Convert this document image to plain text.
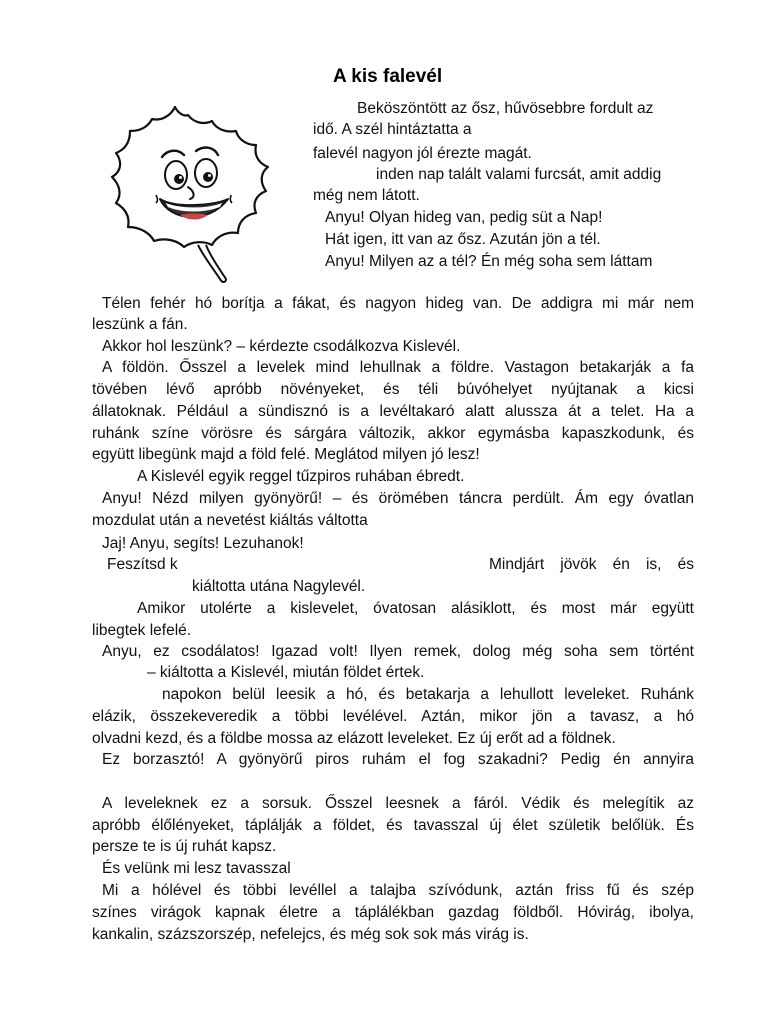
A kis falevél
Beköszöntött az ősz, hűvösebbre fordult az
idő. A szél hintáztatta a
falevél nagyon jól érezte magát.
inden nap talált valami furcsát, amit addig
még nem látott.
Anyu! Olyan hideg van, pedig süt a Nap!
Hát igen, itt van az ősz. Azután jön a tél.
Anyu! Milyen az a tél? Én még soha sem láttam
Télen fehér hó borítja a fákat, és nagyon hideg van. De addigra mi már nem
leszünk a fán.
Akkor hol leszünk? – kérdezte csodálkozva Kislevél.
A földön. Ősszel a levelek mind lehullnak a földre. Vastagon betakarják a fa
tövében lévő apróbb növényeket, és téli búvóhelyet nyújtanak a kicsi
állatoknak. Például a sündisznó is a levéltakaró alatt alussza át a telet. Ha a
ruhánk színe vörösre és sárgára változik, akkor egymásba kapaszkodunk, és
együtt libegünk majd a föld felé. Meglátod milyen jó lesz!
A Kislevél egyik reggel tűzpiros ruhában ébredt.
Anyu! Nézd milyen gyönyörű! – és örömében táncra perdült. Ám egy óvatlan
mozdulat után a nevetést kiáltás váltotta
Jaj! Anyu, segíts! Lezuhanok!
Feszítsd k	Mindjárt jövök én is, és
kiáltotta utána Nagylevél.
Amikor utolérte a kislevelet, óvatosan alásiklott, és most már együtt
libegtek lefelé.
Anyu, ez csodálatos! Igazad volt! Ilyen remek, dolog még soha sem történt
– kiáltotta a Kislevél, miután földet értek.
napokon belül leesik a hó, és betakarja a lehullott leveleket. Ruhánk
elázik, összekeveredik a többi levélével. Aztán, mikor jön a tavasz, a hó
olvadni kezd, és a földbe mossa az elázott leveleket. Ez új erőt ad a földnek.
Ez borzasztó! A gyönyörű piros ruhám el fog szakadni? Pedig én annyira
A leveleknek ez a sorsuk. Ősszel leesnek a fáról. Védik és melegítik az
apróbb élőlényeket, táplálják a földet, és tavasszal új élet születik belőlük. És
persze te is új ruhát kapsz.
És velünk mi lesz tavasszal
Mi a hólével és többi levéllel a talajba szívódunk, aztán friss fű és szép
színes virágok kapnak életre a táplálékban gazdag földből. Hóvirág, ibolya,
kankalin, százszorszép, nefelejcs, és még sok sok más virág is.
